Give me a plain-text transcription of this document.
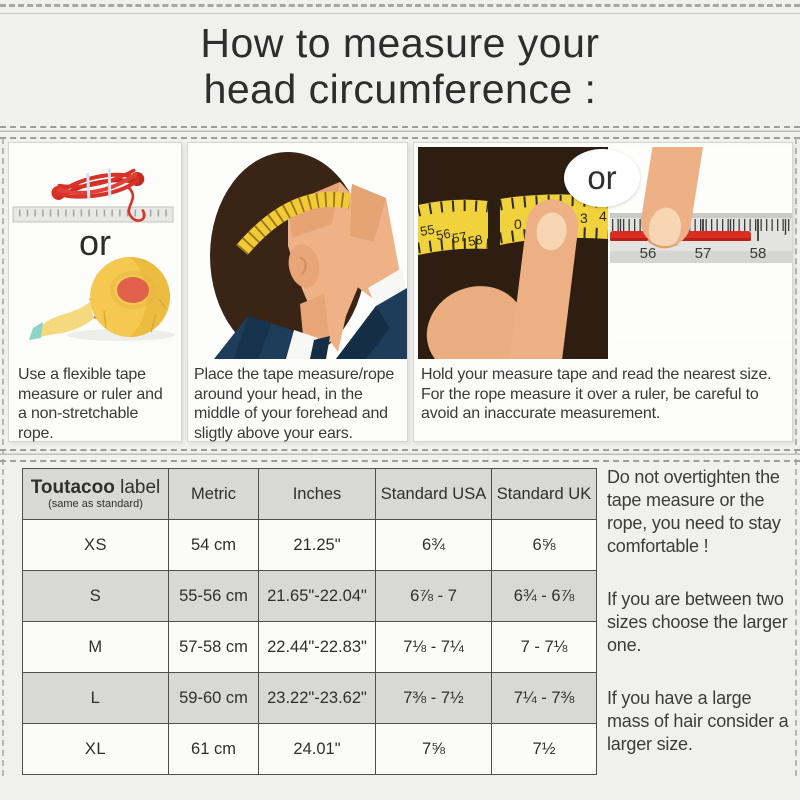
How to measure your
head circumference :
or

Use a flexible tape measure or ruler and a non-stretchable rope.

Place the tape measure/rope around your head, in the middle of your forehead and sligtly above your ears.

55 56 57 58
0	3 4
56	57	58
or

Hold your measure tape and read the nearest size. For the rope measure it over a ruler, be careful to avoid an inaccurate measurement.

Toutacoo label
(same as standard)	Metric	Inches	Standard USA	Standard UK
XS	54 cm	21.25"	6¾	6⅝
S	55-56 cm	21.65"-22.04"	6⅞ - 7	6¾ - 6⅞
M	57-58 cm	22.44"-22.83"	7⅛ - 7¼	7 - 7⅛
L	59-60 cm	23.22"-23.62"	7⅜ - 7½	7¼ - 7⅜
XL	61 cm	24.01"	7⅝	7½

Do not overtighten the tape measure or the rope, you need to stay comfortable !

If you are between two sizes choose the larger one.

If you have a large mass of hair consider a larger size.
